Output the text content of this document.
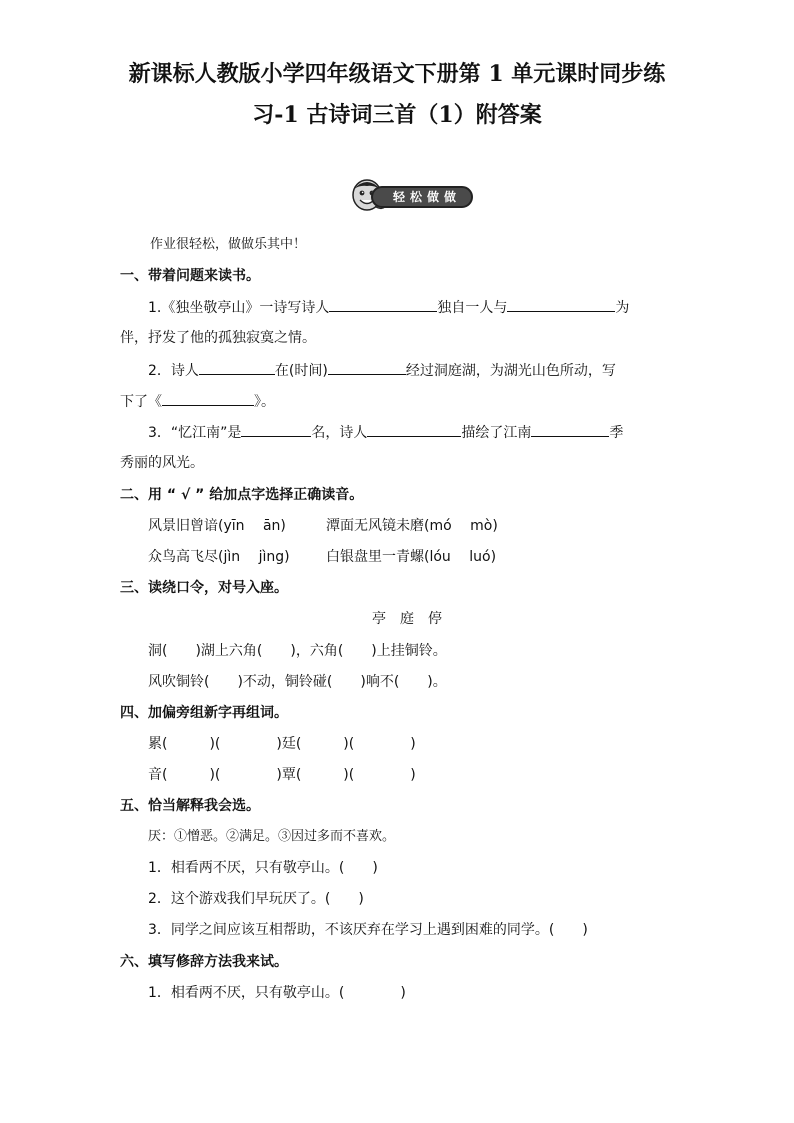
新课标人教版小学四年级语文下册第 1 单元课时同步练
习-1 古诗词三首（1）附答案
轻松做做
作业很轻松，做做乐其中！
一、带着问题来读书。
1.《独坐敬亭山》一诗写诗人	独自一人与	为
伴，抒发了他的孤独寂寞之情。
2．诗人	在(时间)	经过洞庭湖，为湖光山色所动，写
下了《	》。
3．“忆江南”是	名，诗人	描绘了江南	季
秀丽的风光。
二、用 “ √ ” 给加点字选择正确读音。
风景旧曾谙(yīn　 ān)	潭面无风镜未磨(mó　 mò)
众鸟高飞尽(jìn　 jìng)	白银盘里一青螺(lóu　 luó)
三、读绕口令，对号入座。
亭　庭　停
洞(　　)湖上六角(　　)，六角(　　)上挂铜铃。
风吹铜铃(　　)不动，铜铃碰(　　)响不(　　)。
四、加偏旁组新字再组词。
累(　　　)(　　　　)廷(　　　)(　　　　)
音(　　　)(　　　　)覃(　　　)(　　　　)
五、恰当解释我会选。
厌：①憎恶。②满足。③因过多而不喜欢。
1．相看两不厌，只有敬亭山。(　　)
2．这个游戏我们早玩厌了。(　　)
3．同学之间应该互相帮助，不该厌弃在学习上遇到困难的同学。(　　)
六、填写修辞方法我来试。
1．相看两不厌，只有敬亭山。(　　　　)
